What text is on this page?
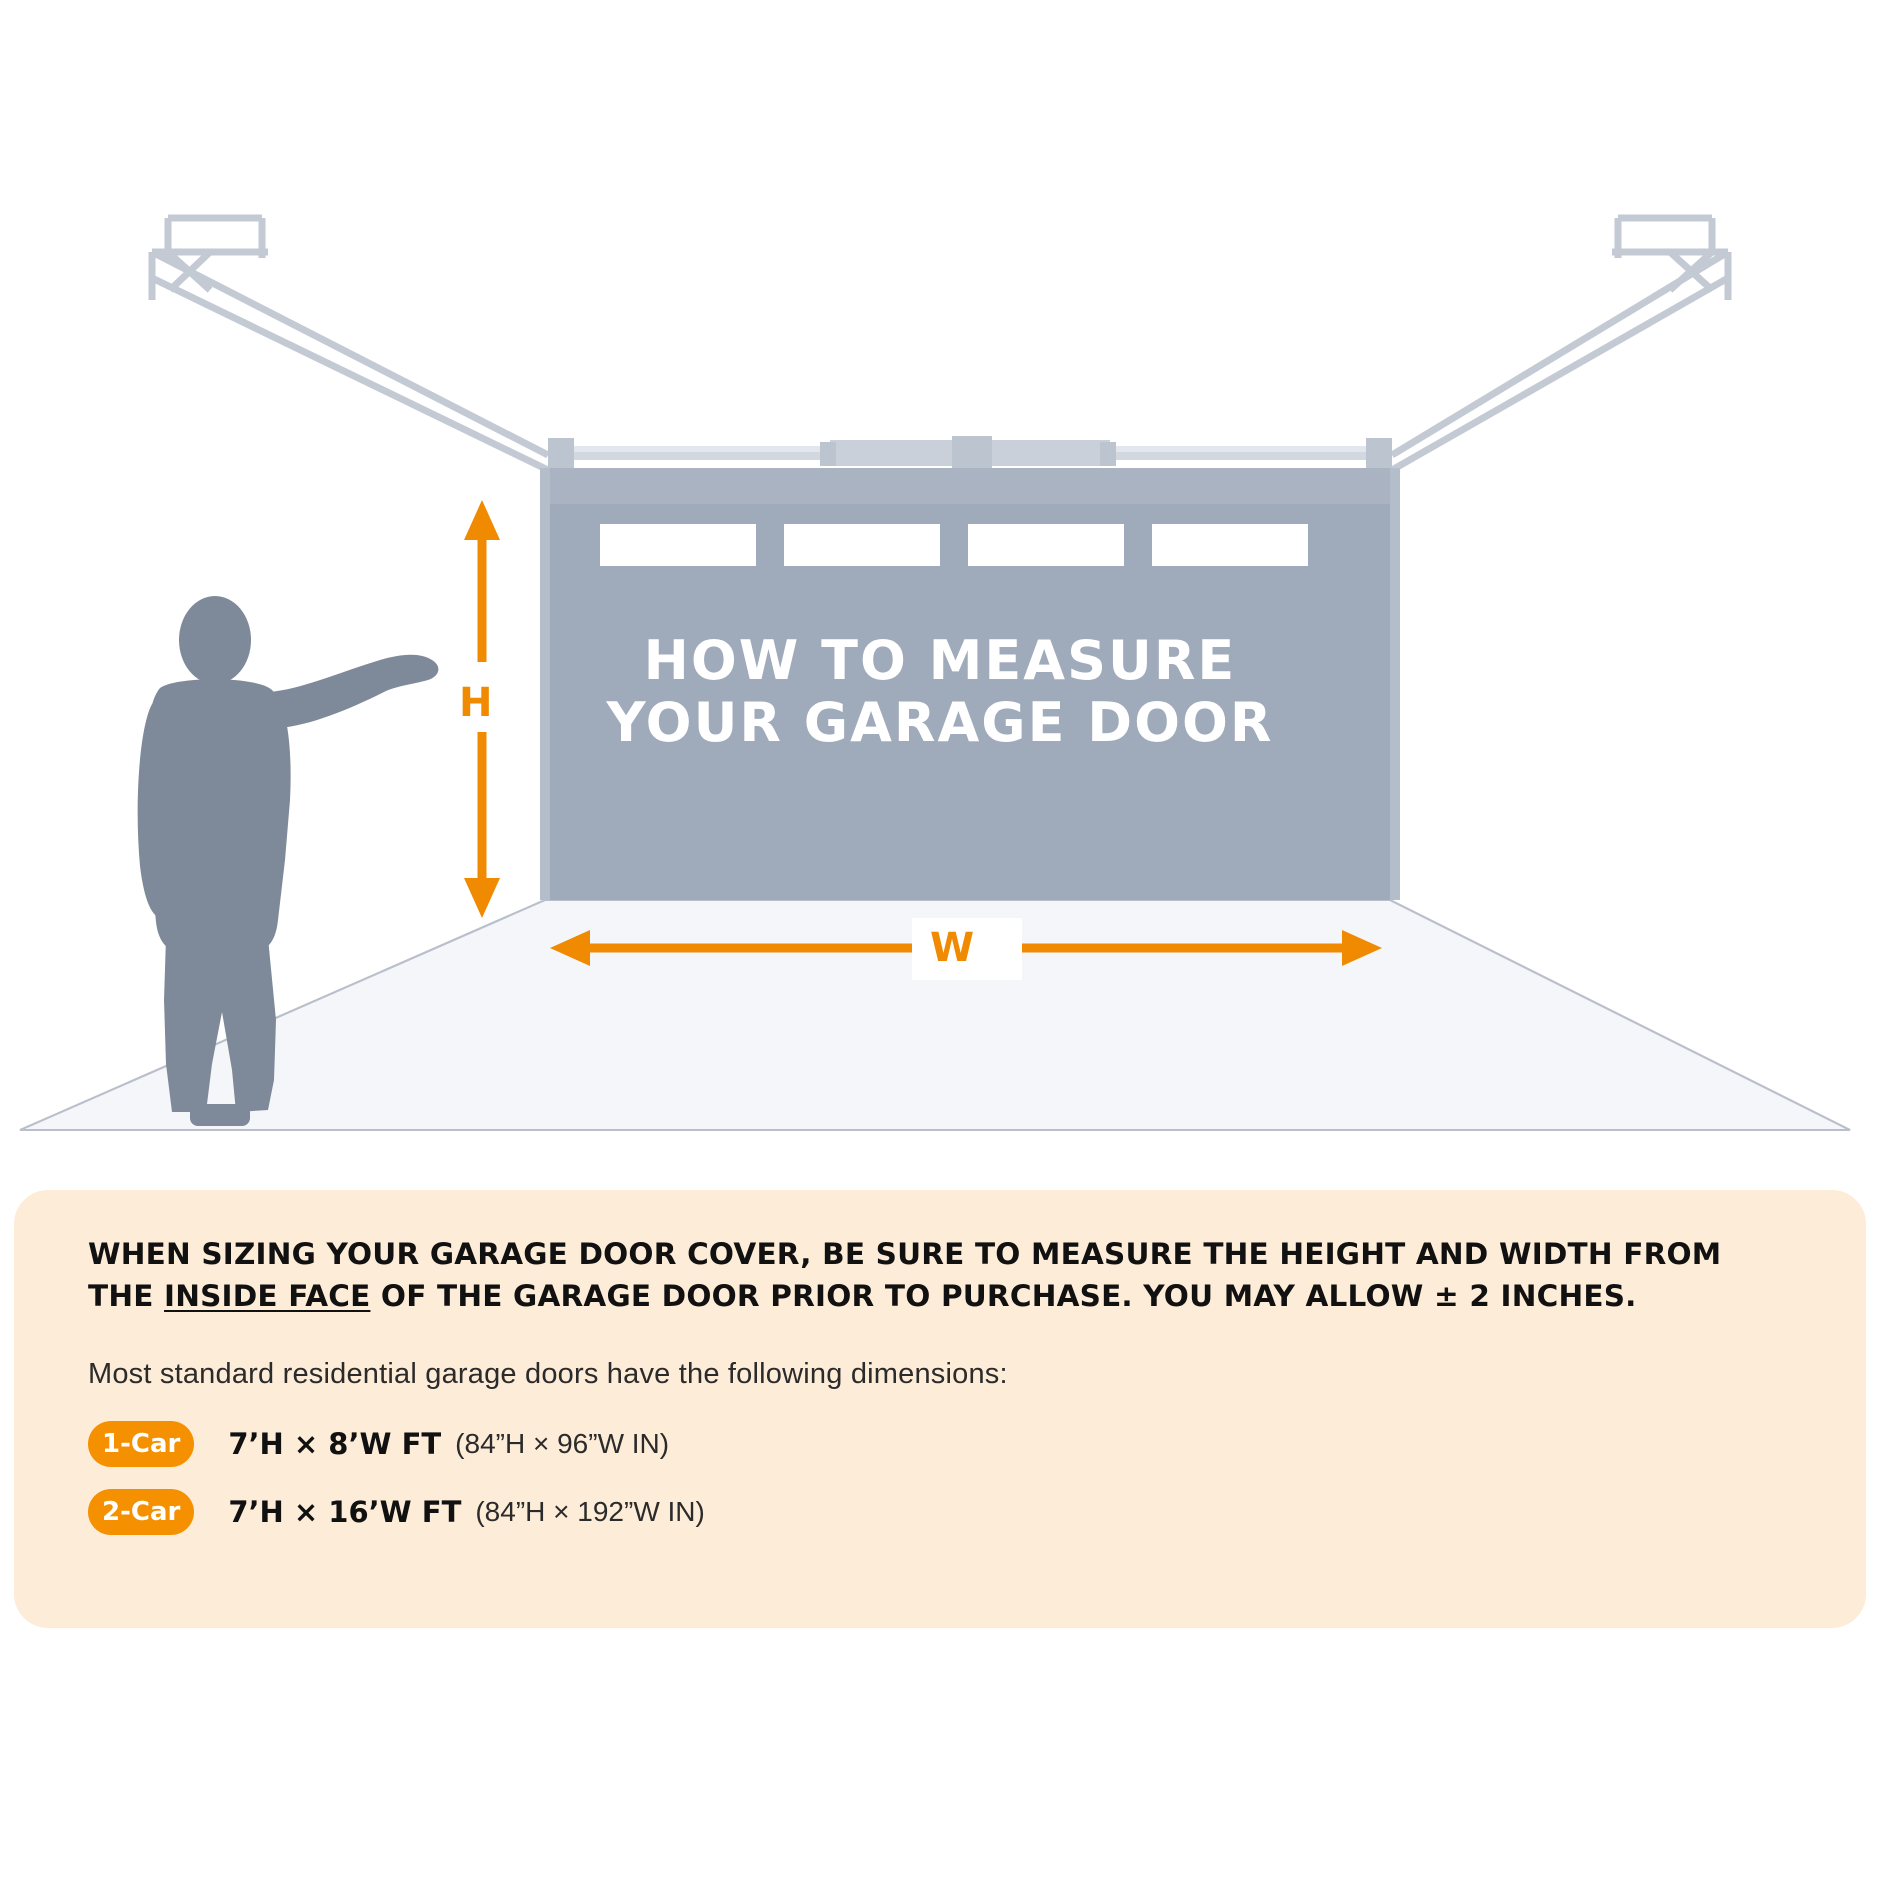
HOW TO MEASURE
YOUR GARAGE DOOR
H
W
WHEN SIZING YOUR GARAGE DOOR COVER, BE SURE TO MEASURE THE HEIGHT AND WIDTH FROM THE INSIDE FACE OF THE GARAGE DOOR PRIOR TO PURCHASE. YOU MAY ALLOW ± 2 INCHES.
Most standard residential garage doors have the following dimensions:
1-Car	7’H × 8’W FT (84”H × 96”W IN)
2-Car	7’H × 16’W FT (84”H × 192”W IN)
